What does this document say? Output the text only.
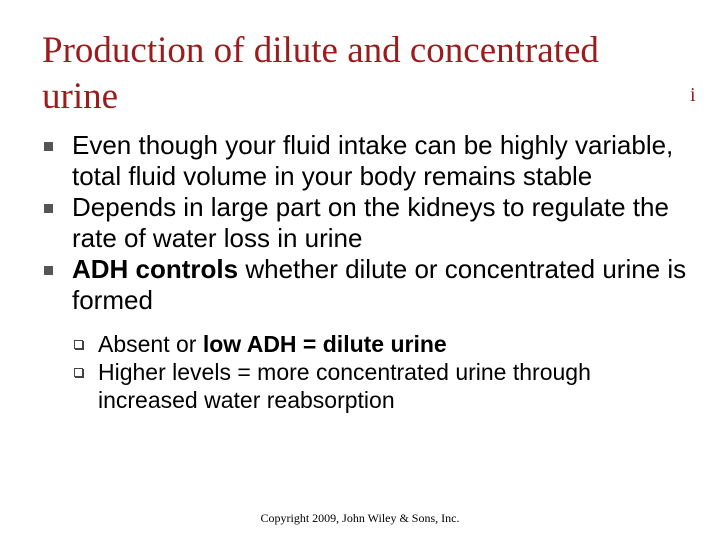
Production of dilute and concentrated urine	i
Even though your fluid intake can be highly variable, total fluid volume in your body remains stable
Depends in large part on the kidneys to regulate the rate of water loss in urine
ADH controls whether dilute or concentrated urine is formed
Absent or low ADH = dilute urine
Higher levels = more concentrated urine through increased water reabsorption
Copyright 2009, John Wiley & Sons, Inc.
